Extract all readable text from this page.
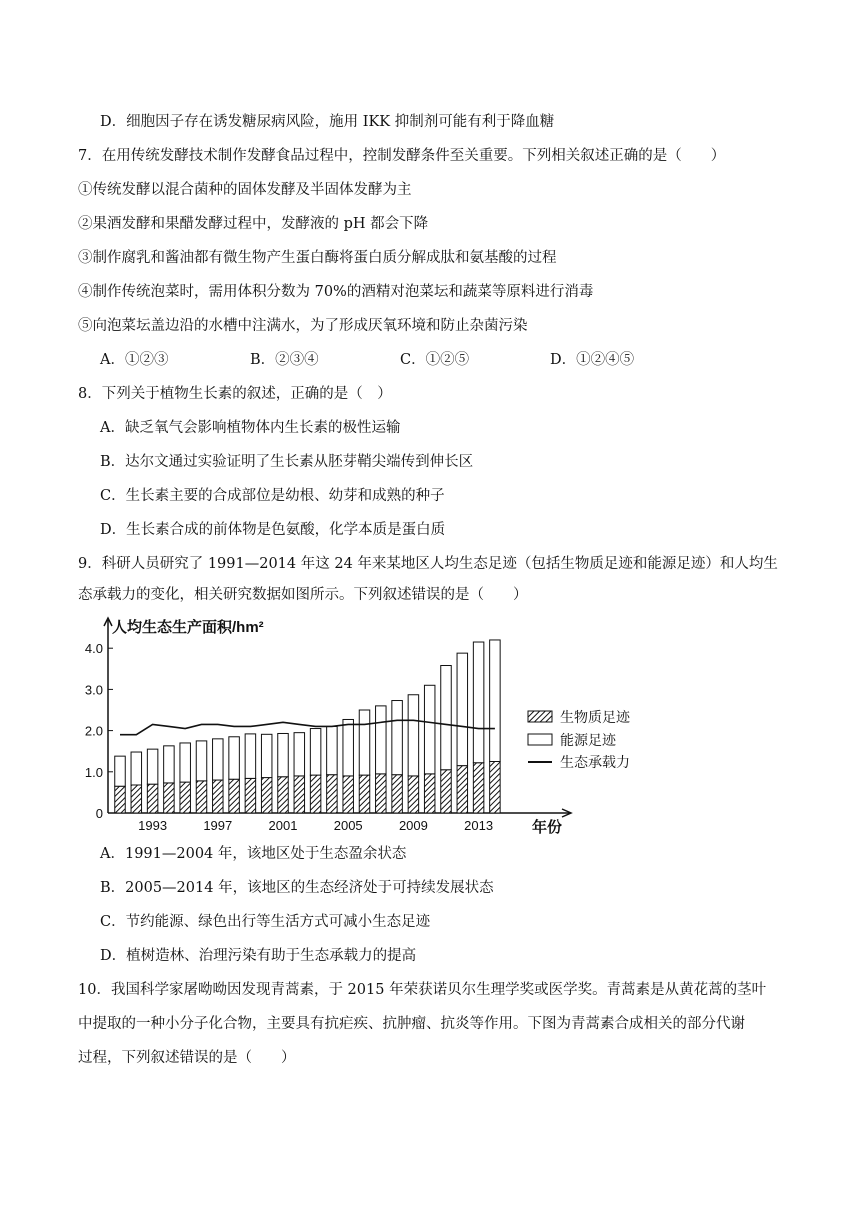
D．细胞因子存在诱发糖尿病风险，施用 IKK 抑制剂可能有利于降血糖
7．在用传统发酵技术制作发酵食品过程中，控制发酵条件至关重要。下列相关叙述正确的是（　　）
①传统发酵以混合菌种的固体发酵及半固体发酵为主
②果酒发酵和果醋发酵过程中，发酵液的 pH 都会下降
③制作腐乳和酱油都有微生物产生蛋白酶将蛋白质分解成肽和氨基酸的过程
④制作传统泡菜时，需用体积分数为 70%的酒精对泡菜坛和蔬菜等原料进行消毒
⑤向泡菜坛盖边沿的水槽中注满水，为了形成厌氧环境和防止杂菌污染
A．①②③	B．②③④	C．①②⑤	D．①②④⑤
8．下列关于植物生长素的叙述，正确的是（　）
A．缺乏氧气会影响植物体内生长素的极性运输
B．达尔文通过实验证明了生长素从胚芽鞘尖端传到伸长区
C．生长素主要的合成部位是幼根、幼芽和成熟的种子
D．生长素合成的前体物是色氨酸，化学本质是蛋白质
9．科研人员研究了 1991—2014 年这 24 年来某地区人均生态足迹（包括生物质足迹和能源足迹）和人均生
态承载力的变化，相关研究数据如图所示。下列叙述错误的是（　　）
0
1.0
2.0
3.0
4.0
1993	1997	2001	2005	2009	2013
人均生态生产面积/hm²
年份
生物质足迹
能源足迹
生态承载力
A．1991—2004 年，该地区处于生态盈余状态
B．2005—2014 年，该地区的生态经济处于可持续发展状态
C．节约能源、绿色出行等生活方式可减小生态足迹
D．植树造林、治理污染有助于生态承载力的提高
10．我国科学家屠呦呦因发现青蒿素，于 2015 年荣获诺贝尔生理学奖或医学奖。青蒿素是从黄花蒿的茎叶
中提取的一种小分子化合物，主要具有抗疟疾、抗肿瘤、抗炎等作用。下图为青蒿素合成相关的部分代谢
过程，下列叙述错误的是（　　）
